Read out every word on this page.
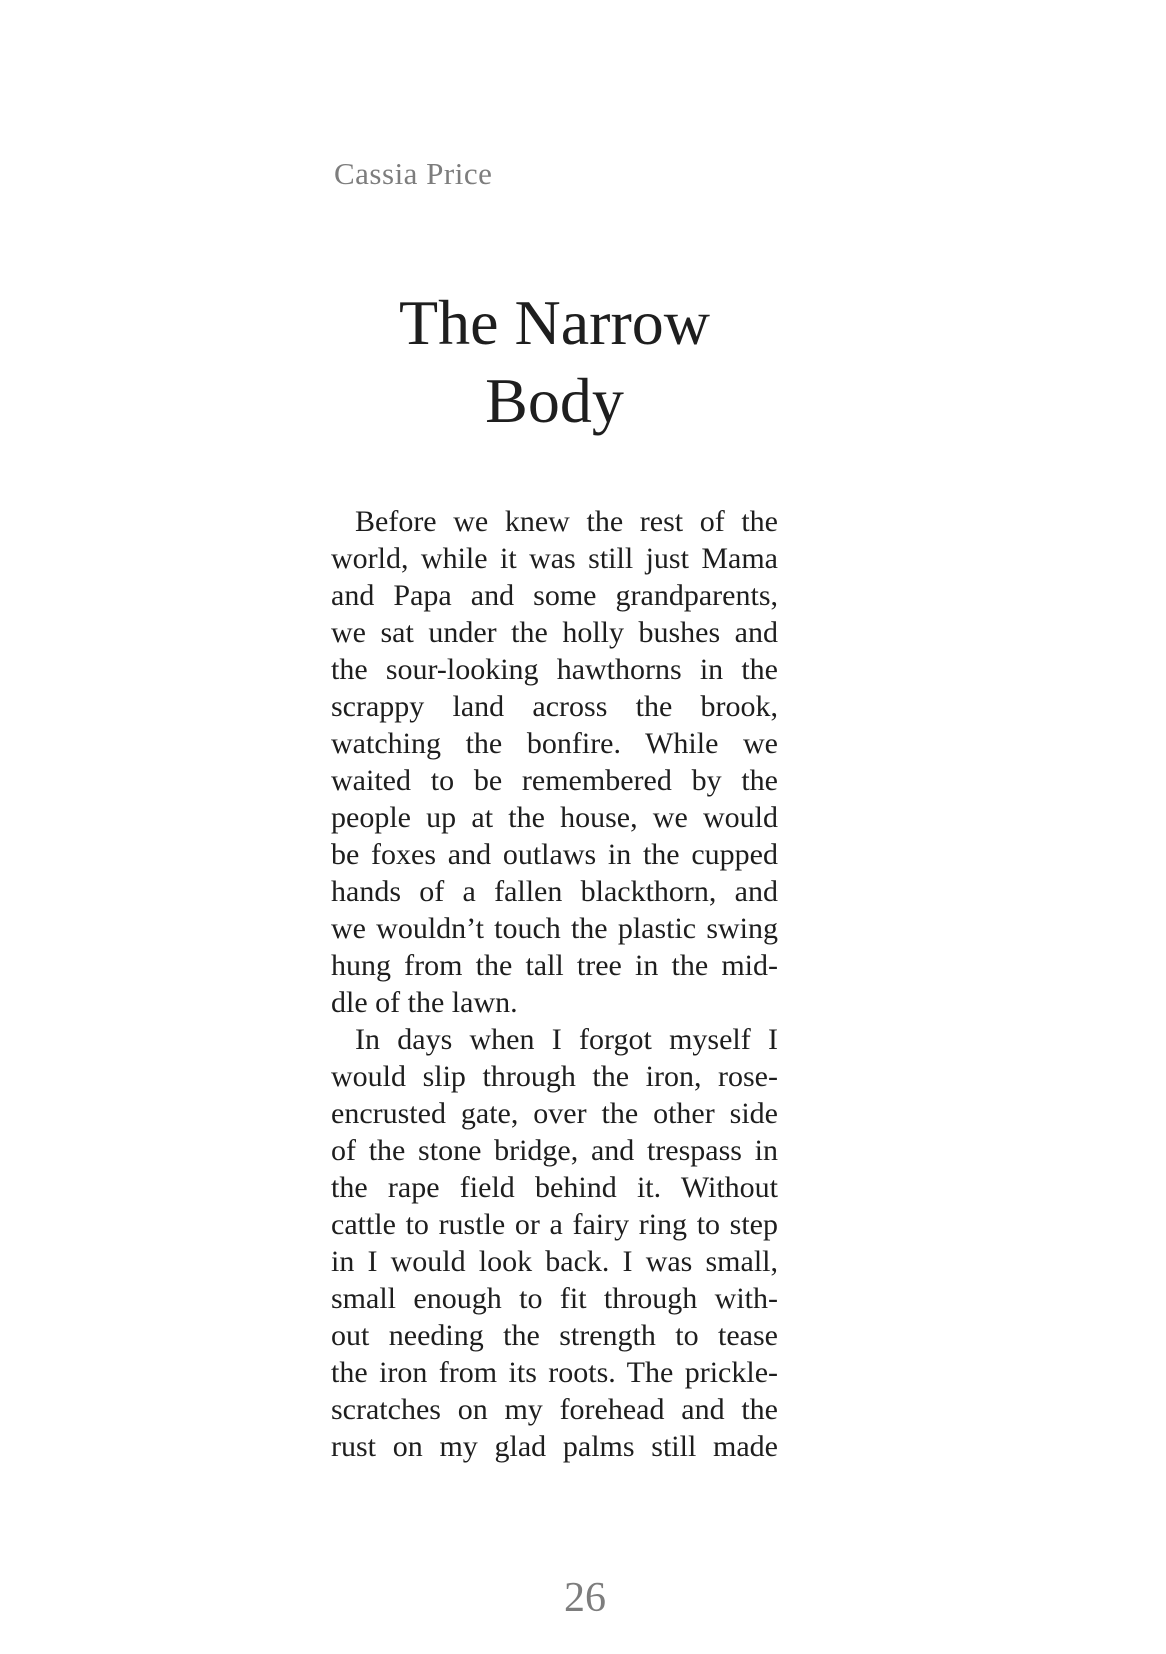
Cassia Price
The Narrow
Body
Before we knew the rest of the
world, while it was still just Mama
and Papa and some grandparents,
we sat under the holly bushes and
the sour-looking hawthorns in the
scrappy land across the brook,
watching the bonfire. While we
waited to be remembered by the
people up at the house, we would
be foxes and outlaws in the cupped
hands of a fallen blackthorn, and
we wouldn’t touch the plastic swing
hung from the tall tree in the mid-
dle of the lawn.
In days when I forgot myself I
would slip through the iron, rose-
encrusted gate, over the other side
of the stone bridge, and trespass in
the rape field behind it. Without
cattle to rustle or a fairy ring to step
in I would look back. I was small,
small enough to fit through with-
out needing the strength to tease
the iron from its roots. The prickle-
scratches on my forehead and the
rust on my glad palms still made
26
